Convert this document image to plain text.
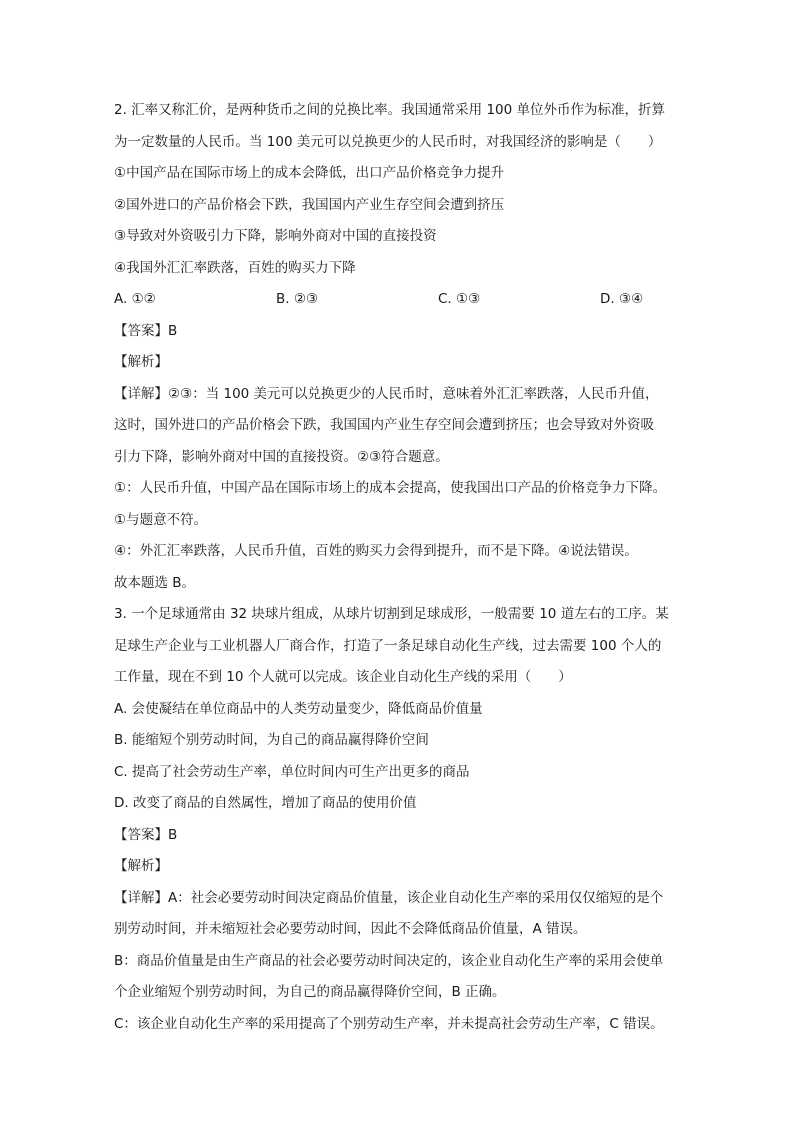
2. 汇率又称汇价，是两种货币之间的兑换比率。我国通常采用 100 单位外币作为标准，折算
为一定数量的人民币。当 100 美元可以兑换更少的人民币时，对我国经济的影响是（　　）
①中国产品在国际市场上的成本会降低，出口产品价格竞争力提升
②国外进口的产品价格会下跌，我国国内产业生存空间会遭到挤压
③导致对外资吸引力下降，影响外商对中国的直接投资
④我国外汇汇率跌落，百姓的购买力下降
A. ①②	B. ②③	C. ①③	D. ③④
【答案】B
【解析】
【详解】②③：当 100 美元可以兑换更少的人民币时，意味着外汇汇率跌落，人民币升值，
这时，国外进口的产品价格会下跌，我国国内产业生存空间会遭到挤压；也会导致对外资吸
引力下降，影响外商对中国的直接投资。②③符合题意。
①：人民币升值，中国产品在国际市场上的成本会提高，使我国出口产品的价格竞争力下降。
①与题意不符。
④：外汇汇率跌落，人民币升值，百姓的购买力会得到提升，而不是下降。④说法错误。
故本题选 B。
3. 一个足球通常由 32 块球片组成，从球片切割到足球成形，一般需要 10 道左右的工序。某
足球生产企业与工业机器人厂商合作，打造了一条足球自动化生产线，过去需要 100 个人的
工作量，现在不到 10 个人就可以完成。该企业自动化生产线的采用（　　）
A. 会使凝结在单位商品中的人类劳动量变少，降低商品价值量
B. 能缩短个别劳动时间，为自己的商品赢得降价空间
C. 提高了社会劳动生产率，单位时间内可生产出更多的商品
D. 改变了商品的自然属性，增加了商品的使用价值
【答案】B
【解析】
【详解】A：社会必要劳动时间决定商品价值量，该企业自动化生产率的采用仅仅缩短的是个
别劳动时间，并未缩短社会必要劳动时间，因此不会降低商品价值量，A 错误。
B：商品价值量是由生产商品的社会必要劳动时间决定的，该企业自动化生产率的采用会使单
个企业缩短个别劳动时间，为自己的商品赢得降价空间，B 正确。
C：该企业自动化生产率的采用提高了个别劳动生产率，并未提高社会劳动生产率，C 错误。
